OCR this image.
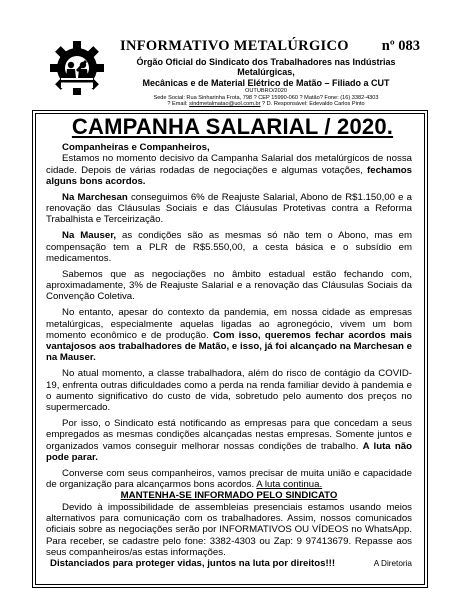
INFORMATIVO METALÚRGICO nº 083
Órgão Oficial do Sindicato dos Trabalhadores nas Indústrias Metalúrgicas,
Mecânicas e de Material Elétrico de Matão – Filiado a CUT
OUTUBRO/2020
Sede Social: Rua Sinharinha Frota, 798 ? CEP 15990-060 ? Matão? Fone: (16) 3382-4303
? Email: sindmetalmatao@uol.com.br ? D. Responsável: Edevaldo Carlos Pinto
CAMPANHA SALARIAL / 2020.

Companheiras e Companheiros,

Estamos no momento decisivo da Campanha Salarial dos metalúrgicos de nossa cidade. Depois de várias rodadas de negociações e algumas votações, fechamos alguns bons acordos.

Na Marchesan conseguimos 6% de Reajuste Salarial, Abono de R$1.150,00 e a renovação das Cláusulas Sociais e das Cláusulas Protetivas contra a Reforma Trabalhista e Terceirização.

Na Mauser, as condições são as mesmas só não tem o Abono, mas em compensação tem a PLR de R$5.550,00, a cesta básica e o subsídio em medicamentos.

Sabemos que as negociações no âmbito estadual estão fechando com, aproximadamente, 3% de Reajuste Salarial e a renovação das Cláusulas Sociais da Convenção Coletiva.

No entanto, apesar do contexto da pandemia, em nossa cidade as empresas metalúrgicas, especialmente aquelas ligadas ao agronegócio, vivem um bom momento econômico e de produção. Com isso, queremos fechar acordos mais vantajosos aos trabalhadores de Matão, e isso, já foi alcançado na Marchesan e na Mauser.

No atual momento, a classe trabalhadora, além do risco de contágio da COVID-19, enfrenta outras dificuldades como a perda na renda familiar devido à pandemia e o aumento significativo do custo de vida, sobretudo pelo aumento dos preços no supermercado.

Por isso, o Sindicato está notificando as empresas para que concedam a seus empregados as mesmas condições alcançadas nestas empresas. Somente juntos e organizados vamos conseguir melhorar nossas condições de trabalho. A luta não pode parar.

Converse com seus companheiros, vamos precisar de muita união e capacidade de organização para alcançarmos bons acordos. A luta continua.

MANTENHA-SE INFORMADO PELO SINDICATO

Devido à impossibilidade de assembleias presenciais estamos usando meios alternativos para comunicação com os trabalhadores. Assim, nossos comunicados oficiais sobre as negociações serão por INFORMATIVOS OU VÍDEOS no WhatsApp. Para receber, se cadastre pelo fone: 3382-4303 ou Zap: 9 97413679. Repasse aos seus companheiros/as estas informações.

Distanciados para proteger vidas, juntos na luta por direitos!!!	A Diretoria
